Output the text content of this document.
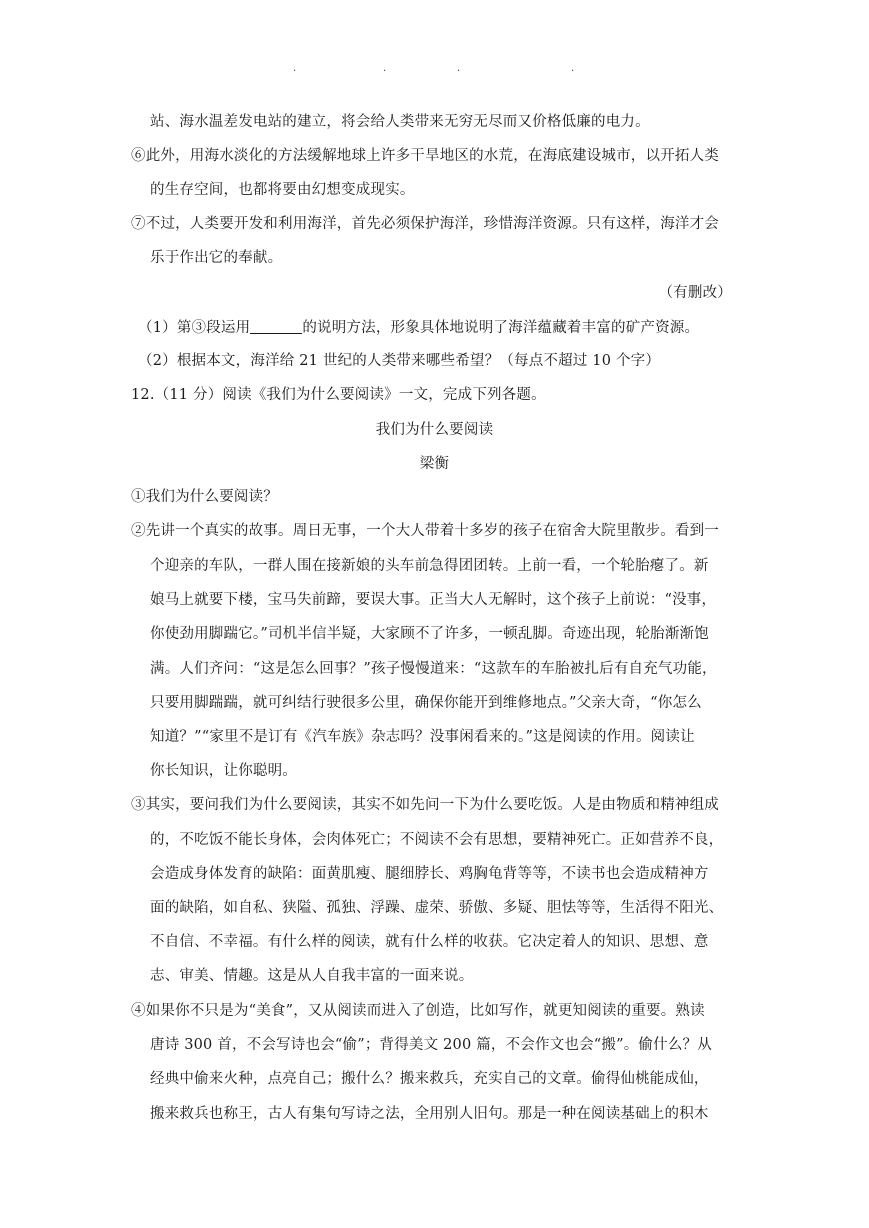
.	.	.	.
站、海水温差发电站的建立，将会给人类带来无穷无尽而又价格低廉的电力。
⑥此外，用海水淡化的方法缓解地球上许多干旱地区的水荒，在海底建设城市，以开拓人类
的生存空间，也都将要由幻想变成现实。
⑦不过，人类要开发和利用海洋，首先必须保护海洋，珍惜海洋资源。只有这样，海洋才会
乐于作出它的奉献。
（有删改）
（1）第③段运用	的说明方法，形象具体地说明了海洋蕴藏着丰富的矿产资源。
（2）根据本文，海洋给 21 世纪的人类带来哪些希望？（每点不超过 10 个字）
12.（11 分）阅读《我们为什么要阅读》一文，完成下列各题。
我们为什么要阅读
梁衡
①我们为什么要阅读？
②先讲一个真实的故事。周日无事，一个大人带着十多岁的孩子在宿舍大院里散步。看到一
个迎亲的车队，一群人围在接新娘的头车前急得团团转。上前一看，一个轮胎瘪了。新
娘马上就要下楼，宝马失前蹄，要误大事。正当大人无解时，这个孩子上前说：“没事，
你使劲用脚踹它。”司机半信半疑，大家顾不了许多，一顿乱脚。奇迹出现，轮胎渐渐饱
满。人们齐问：“这是怎么回事？”孩子慢慢道来：“这款车的车胎被扎后有自充气功能，
只要用脚踹踹，就可纠结行驶很多公里，确保你能开到维修地点。”父亲大奇，“你怎么
知道？”“家里不是订有《汽车族》杂志吗？没事闲看来的。”这是阅读的作用。阅读让
你长知识，让你聪明。
③其实，要问我们为什么要阅读，其实不如先问一下为什么要吃饭。人是由物质和精神组成
的，不吃饭不能长身体，会肉体死亡；不阅读不会有思想，要精神死亡。正如营养不良，
会造成身体发育的缺陷：面黄肌瘦、腿细脖长、鸡胸龟背等等，不读书也会造成精神方
面的缺陷，如自私、狭隘、孤独、浮躁、虚荣、骄傲、多疑、胆怯等等，生活得不阳光、
不自信、不幸福。有什么样的阅读，就有什么样的收获。它决定着人的知识、思想、意
志、审美、情趣。这是从人自我丰富的一面来说。
④如果你不只是为“美食”，又从阅读而进入了创造，比如写作，就更知阅读的重要。熟读
唐诗 300 首，不会写诗也会“偷”；背得美文 200 篇，不会作文也会“搬”。偷什么？从
经典中偷来火种，点亮自己；搬什么？搬来救兵，充实自己的文章。偷得仙桃能成仙，
搬来救兵也称王，古人有集句写诗之法，全用别人旧句。那是一种在阅读基础上的积木
